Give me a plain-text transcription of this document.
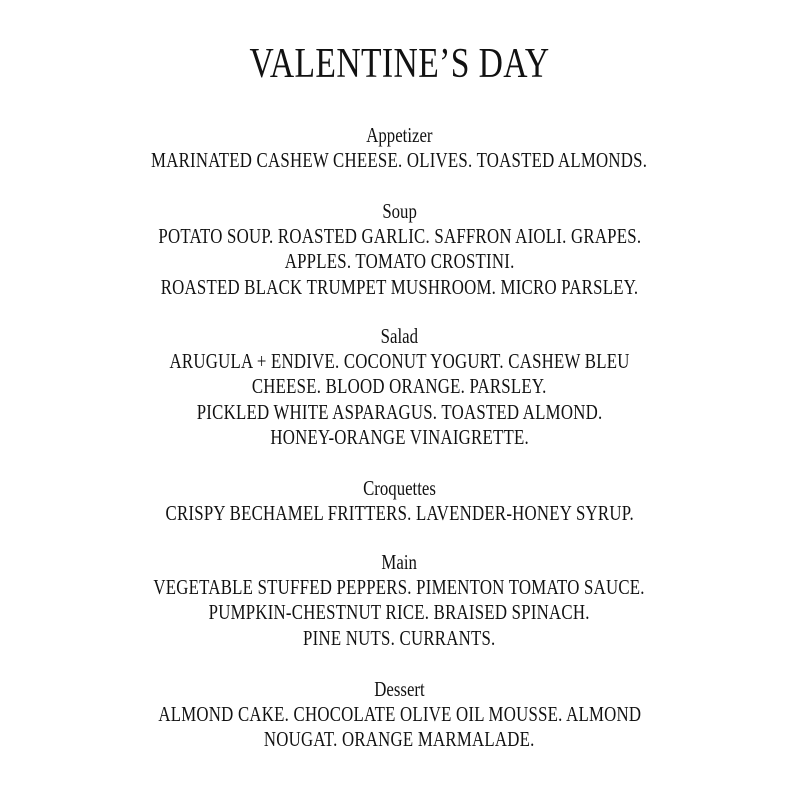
VALENTINE’S DAY
Appetizer
MARINATED CASHEW CHEESE. OLIVES. TOASTED ALMONDS.
Soup
POTATO SOUP. ROASTED GARLIC. SAFFRON AIOLI. GRAPES.
APPLES. TOMATO CROSTINI.
ROASTED BLACK TRUMPET MUSHROOM. MICRO PARSLEY.
Salad
ARUGULA + ENDIVE. COCONUT YOGURT. CASHEW BLEU
CHEESE. BLOOD ORANGE. PARSLEY.
PICKLED WHITE ASPARAGUS. TOASTED ALMOND.
HONEY-ORANGE VINAIGRETTE.
Croquettes
CRISPY BECHAMEL FRITTERS. LAVENDER-HONEY SYRUP.
Main
VEGETABLE STUFFED PEPPERS. PIMENTON TOMATO SAUCE.
PUMPKIN-CHESTNUT RICE. BRAISED SPINACH.
PINE NUTS. CURRANTS.
Dessert
ALMOND CAKE. CHOCOLATE OLIVE OIL MOUSSE. ALMOND
NOUGAT. ORANGE MARMALADE.
